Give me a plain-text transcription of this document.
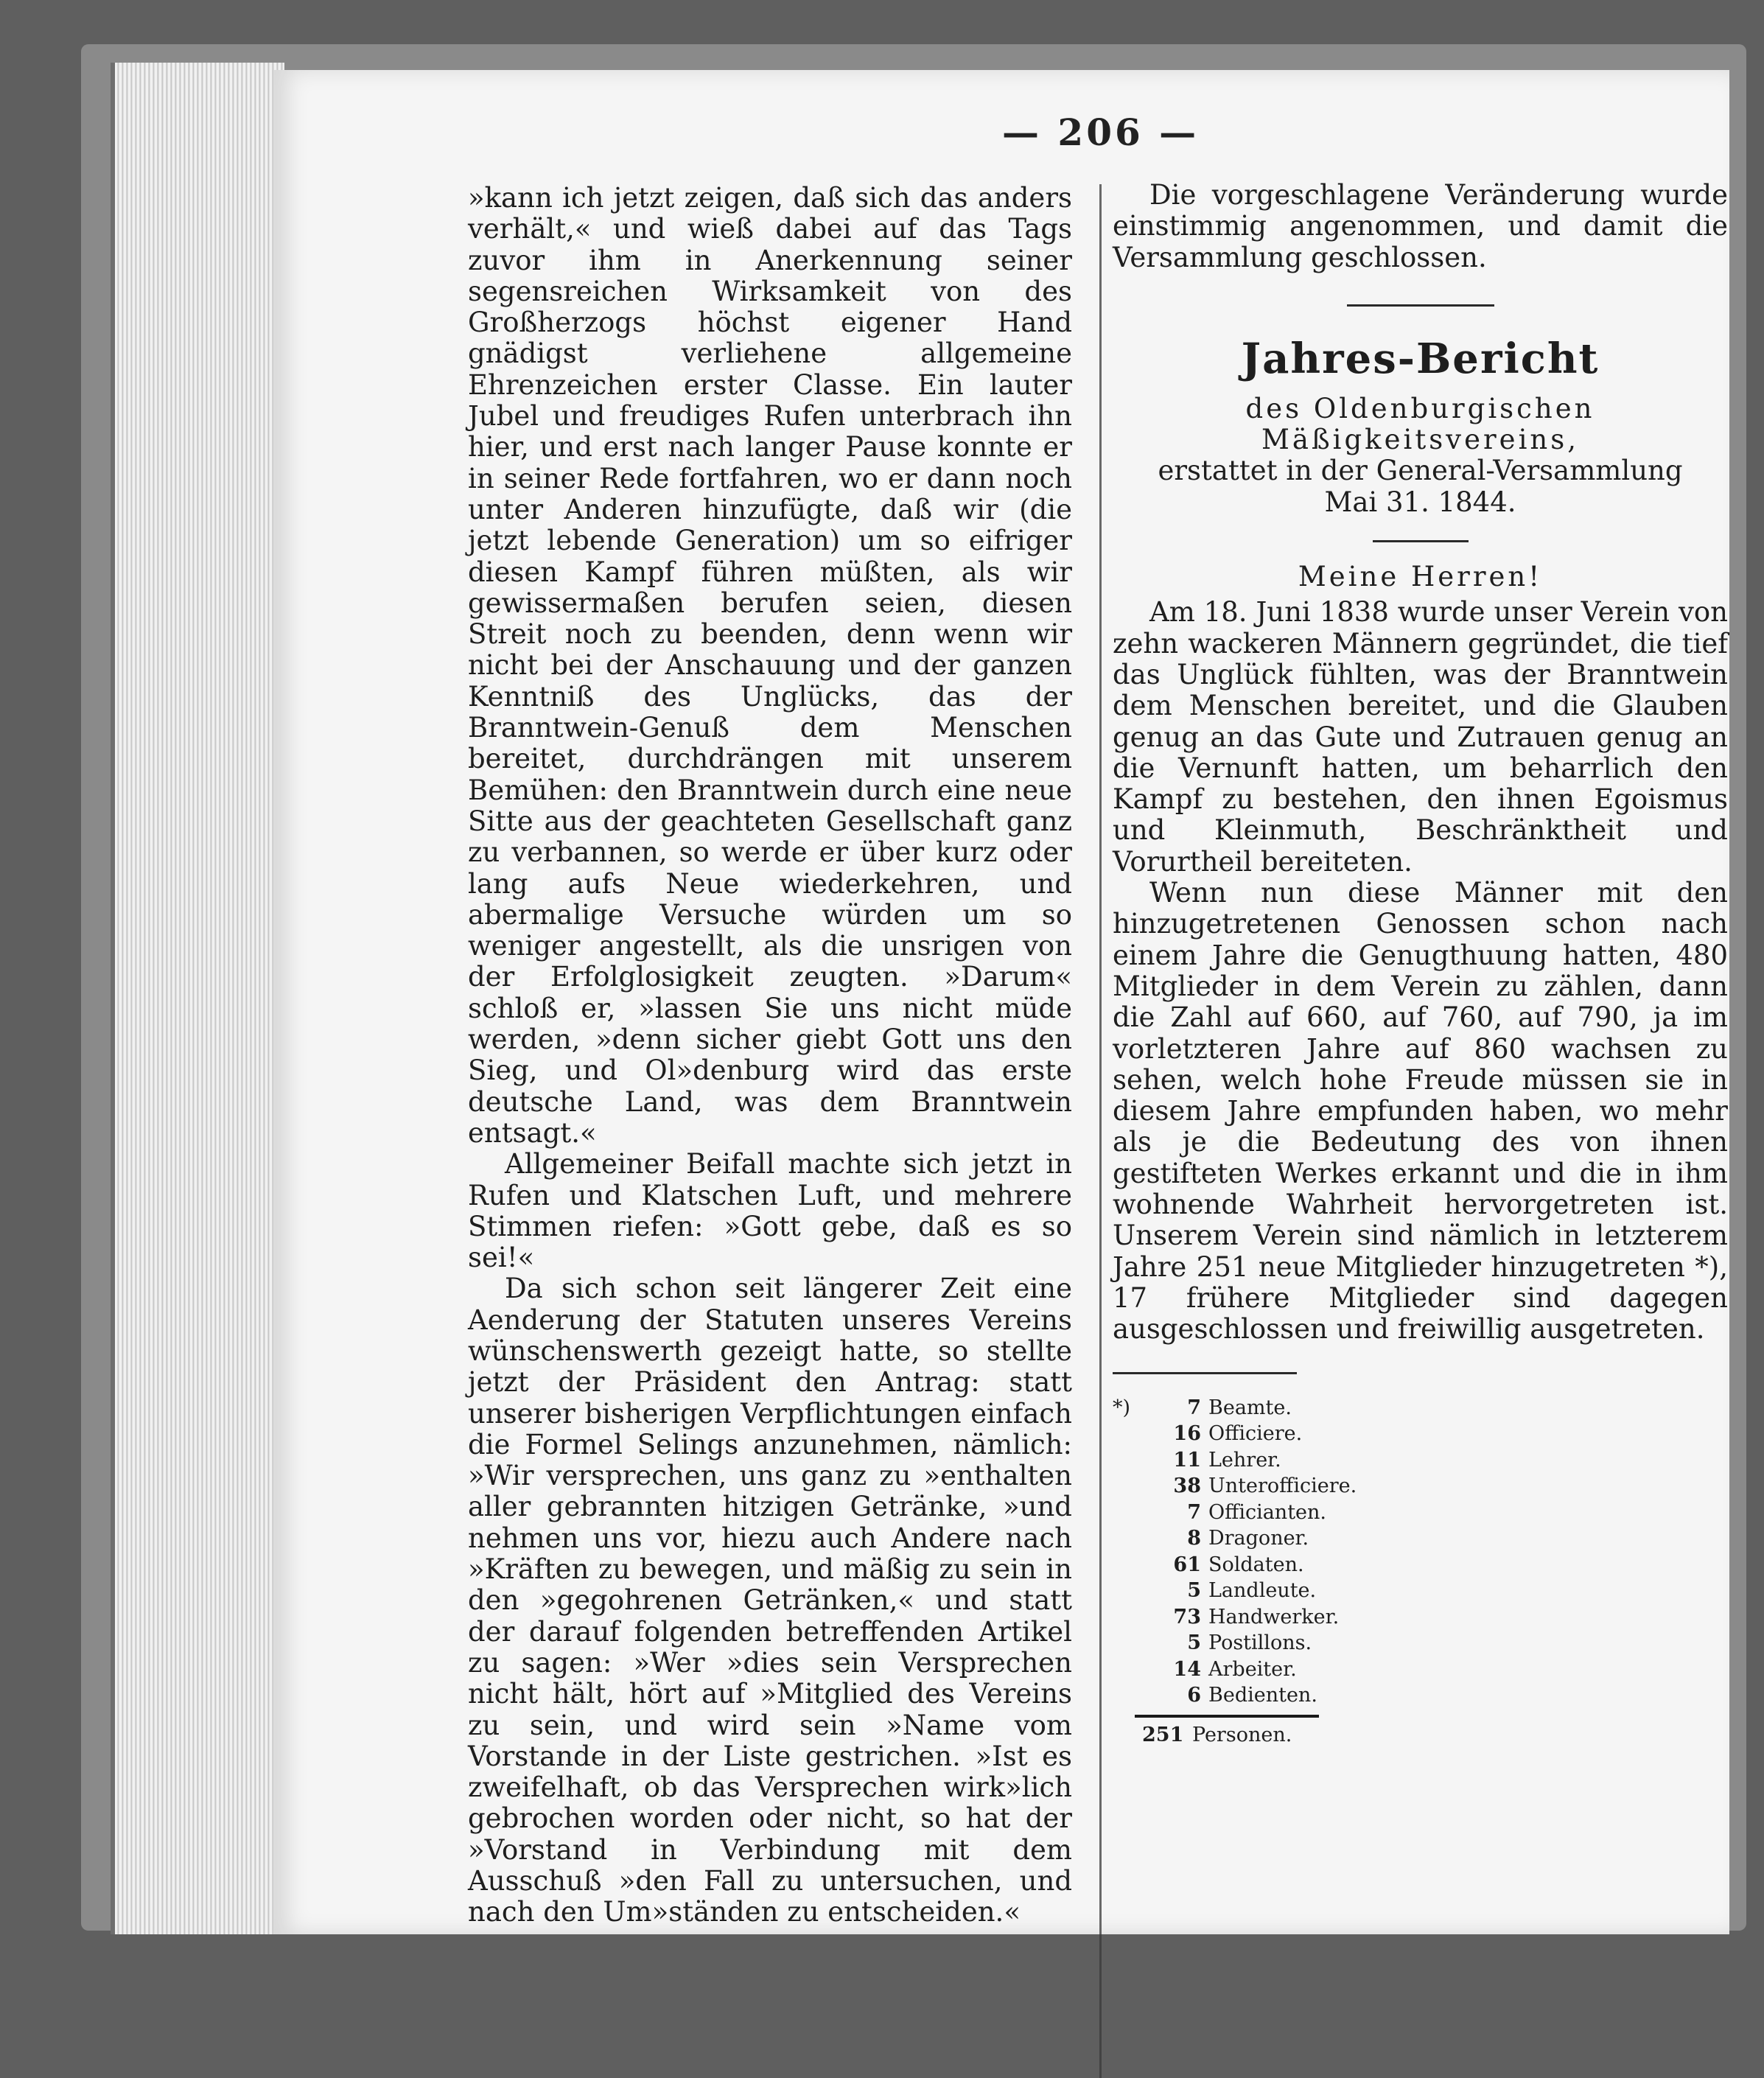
— 206 —

»kann ich jetzt zeigen, daß sich das anders verhält,« und wieß dabei auf das Tags zuvor ihm in Anerkennung seiner segensreichen Wirksamkeit von des Großherzogs höchst eigener Hand gnädigst verliehene allgemeine Ehrenzeichen erster Classe. Ein lauter Jubel und freudiges Rufen unterbrach ihn hier, und erst nach langer Pause konnte er in seiner Rede fortfahren, wo er dann noch unter Anderen hinzufügte, daß wir (die jetzt lebende Generation) um so eifriger diesen Kampf führen müßten, als wir gewissermaßen berufen seien, diesen Streit noch zu beenden, denn wenn wir nicht bei der Anschauung und der ganzen Kenntniß des Unglücks, das der Branntwein-Genuß dem Menschen bereitet, durchdrängen mit unserem Bemühen: den Branntwein durch eine neue Sitte aus der geachteten Gesellschaft ganz zu verbannen, so werde er über kurz oder lang aufs Neue wiederkehren, und abermalige Versuche würden um so weniger angestellt, als die unsrigen von der Erfolglosigkeit zeugten. »Darum« schloß er, »lassen Sie uns nicht müde werden, »denn sicher giebt Gott uns den Sieg, und Ol»denburg wird das erste deutsche Land, was dem Branntwein entsagt.«

Allgemeiner Beifall machte sich jetzt in Rufen und Klatschen Luft, und mehrere Stimmen riefen: »Gott gebe, daß es so sei!«

Da sich schon seit längerer Zeit eine Aenderung der Statuten unseres Vereins wünschenswerth gezeigt hatte, so stellte jetzt der Präsident den Antrag: statt unserer bisherigen Verpflichtungen einfach die Formel Selings anzunehmen, nämlich: »Wir versprechen, uns ganz zu »enthalten aller gebrannten hitzigen Getränke, »und nehmen uns vor, hiezu auch Andere nach »Kräften zu bewegen, und mäßig zu sein in den »gegohrenen Getränken,« und statt der darauf folgenden betreffenden Artikel zu sagen: »Wer »dies sein Versprechen nicht hält, hört auf »Mitglied des Vereins zu sein, und wird sein »Name vom Vorstande in der Liste gestrichen. »Ist es zweifelhaft, ob das Versprechen wirk»lich gebrochen worden oder nicht, so hat der »Vorstand in Verbindung mit dem Ausschuß »den Fall zu untersuchen, und nach den Um»ständen zu entscheiden.«

Die vorgeschlagene Veränderung wurde einstimmig angenommen, und damit die Versammlung geschlossen.

Jahres-Bericht
des Oldenburgischen Mäßigkeitsvereins,
erstattet in der General-Versammlung
Mai 31. 1844.
Meine Herren!

Am 18. Juni 1838 wurde unser Verein von zehn wackeren Männern gegründet, die tief das Unglück fühlten, was der Branntwein dem Menschen bereitet, und die Glauben genug an das Gute und Zutrauen genug an die Vernunft hatten, um beharrlich den Kampf zu bestehen, den ihnen Egoismus und Kleinmuth, Beschränktheit und Vorurtheil bereiteten.

Wenn nun diese Männer mit den hinzugetretenen Genossen schon nach einem Jahre die Genugthuung hatten, 480 Mitglieder in dem Verein zu zählen, dann die Zahl auf 660, auf 760, auf 790, ja im vorletzteren Jahre auf 860 wachsen zu sehen, welch hohe Freude müssen sie in diesem Jahre empfunden haben, wo mehr als je die Bedeutung des von ihnen gestifteten Werkes erkannt und die in ihm wohnende Wahrheit hervorgetreten ist. Unserem Verein sind nämlich in letzterem Jahre 251 neue Mitglieder hinzugetreten *), 17 frühere Mitglieder sind dagegen ausgeschlossen und freiwillig ausgetreten.

*)	7 Beamte.
16 Officiere.
11 Lehrer.
38 Unterofficiere.
7 Officianten.
8 Dragoner.
61 Soldaten.
5 Landleute.
73 Handwerker.
5 Postillons.
14 Arbeiter.
6 Bedienten.
251 Personen.
